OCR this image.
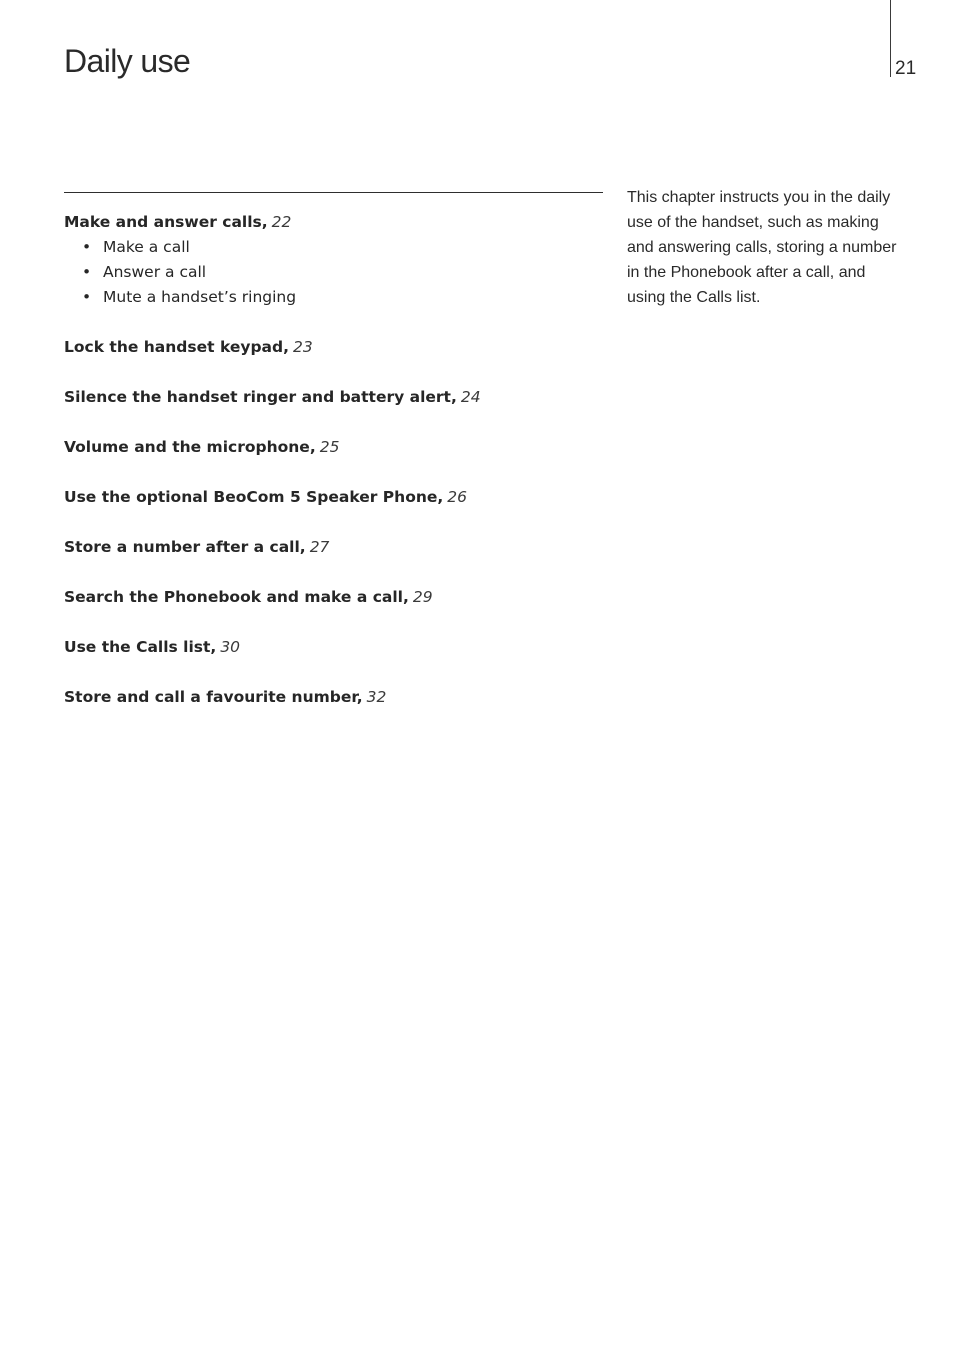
Daily use	21
Make and answer calls, 22
• Make a call
• Answer a call
• Mute a handset’s ringing
Lock the handset keypad, 23
Silence the handset ringer and battery alert, 24
Volume and the microphone, 25
Use the optional BeoCom 5 Speaker Phone, 26
Store a number after a call, 27
Search the Phonebook and make a call, 29
Use the Calls list, 30
Store and call a favourite number, 32

This chapter instructs you in the daily use of the handset, such as making and answering calls, storing a number in the Phonebook after a call, and using the Calls list.
